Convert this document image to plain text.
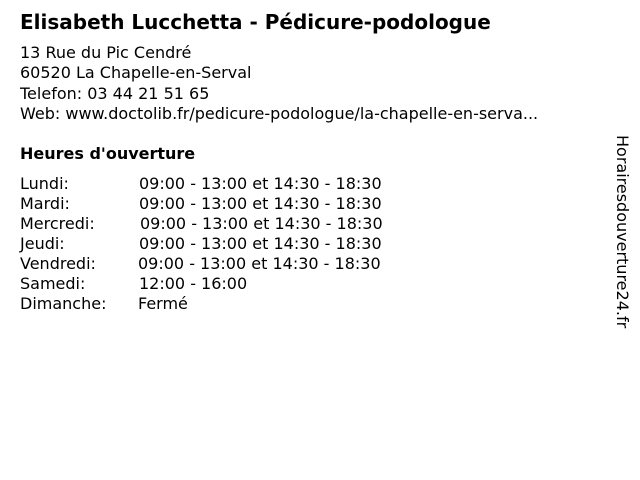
Elisabeth Lucchetta - Pédicure-podologue
13 Rue du Pic Cendré
60520 La Chapelle-en-Serval
Telefon: 03 44 21 51 65
Web: www.doctolib.fr/pedicure-podologue/la-chapelle-en-serva...
Heures d'ouverture
Lundi:	09:00 - 13:00 et 14:30 - 18:30
Mardi:	09:00 - 13:00 et 14:30 - 18:30
Mercredi:	09:00 - 13:00 et 14:30 - 18:30
Jeudi:	09:00 - 13:00 et 14:30 - 18:30
Vendredi:	09:00 - 13:00 et 14:30 - 18:30
Samedi:	12:00 - 16:00
Dimanche: Fermé	Horairesdouverture24.fr
